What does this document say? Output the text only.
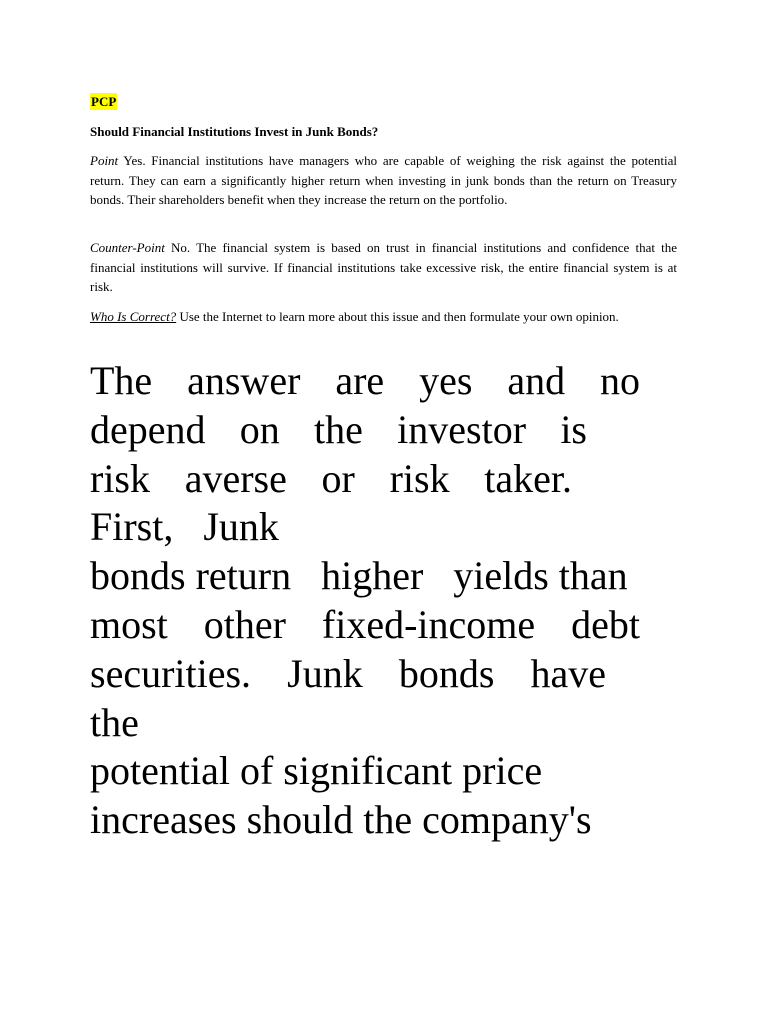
PCP
Should Financial Institutions Invest in Junk Bonds?

Point Yes. Financial institutions have managers who are capable of weighing the risk against the potential return. They can earn a significantly higher return when investing in junk bonds than the return on Treasury bonds. Their shareholders benefit when they increase the return on the portfolio.

Counter-Point No. The financial system is based on trust in financial institutions and confidence that the financial institutions will survive. If financial institutions take excessive risk, the entire financial system is at risk.

Who Is Correct? Use the Internet to learn more about this issue and then formulate your own opinion.

The answer are yes and no
depend on the investor is
risk averse or risk taker.
First,   Junk
bonds return   higher   yields than
most other fixed-income debt
securities. Junk bonds have
the
potential of significant price
increases should the company's
